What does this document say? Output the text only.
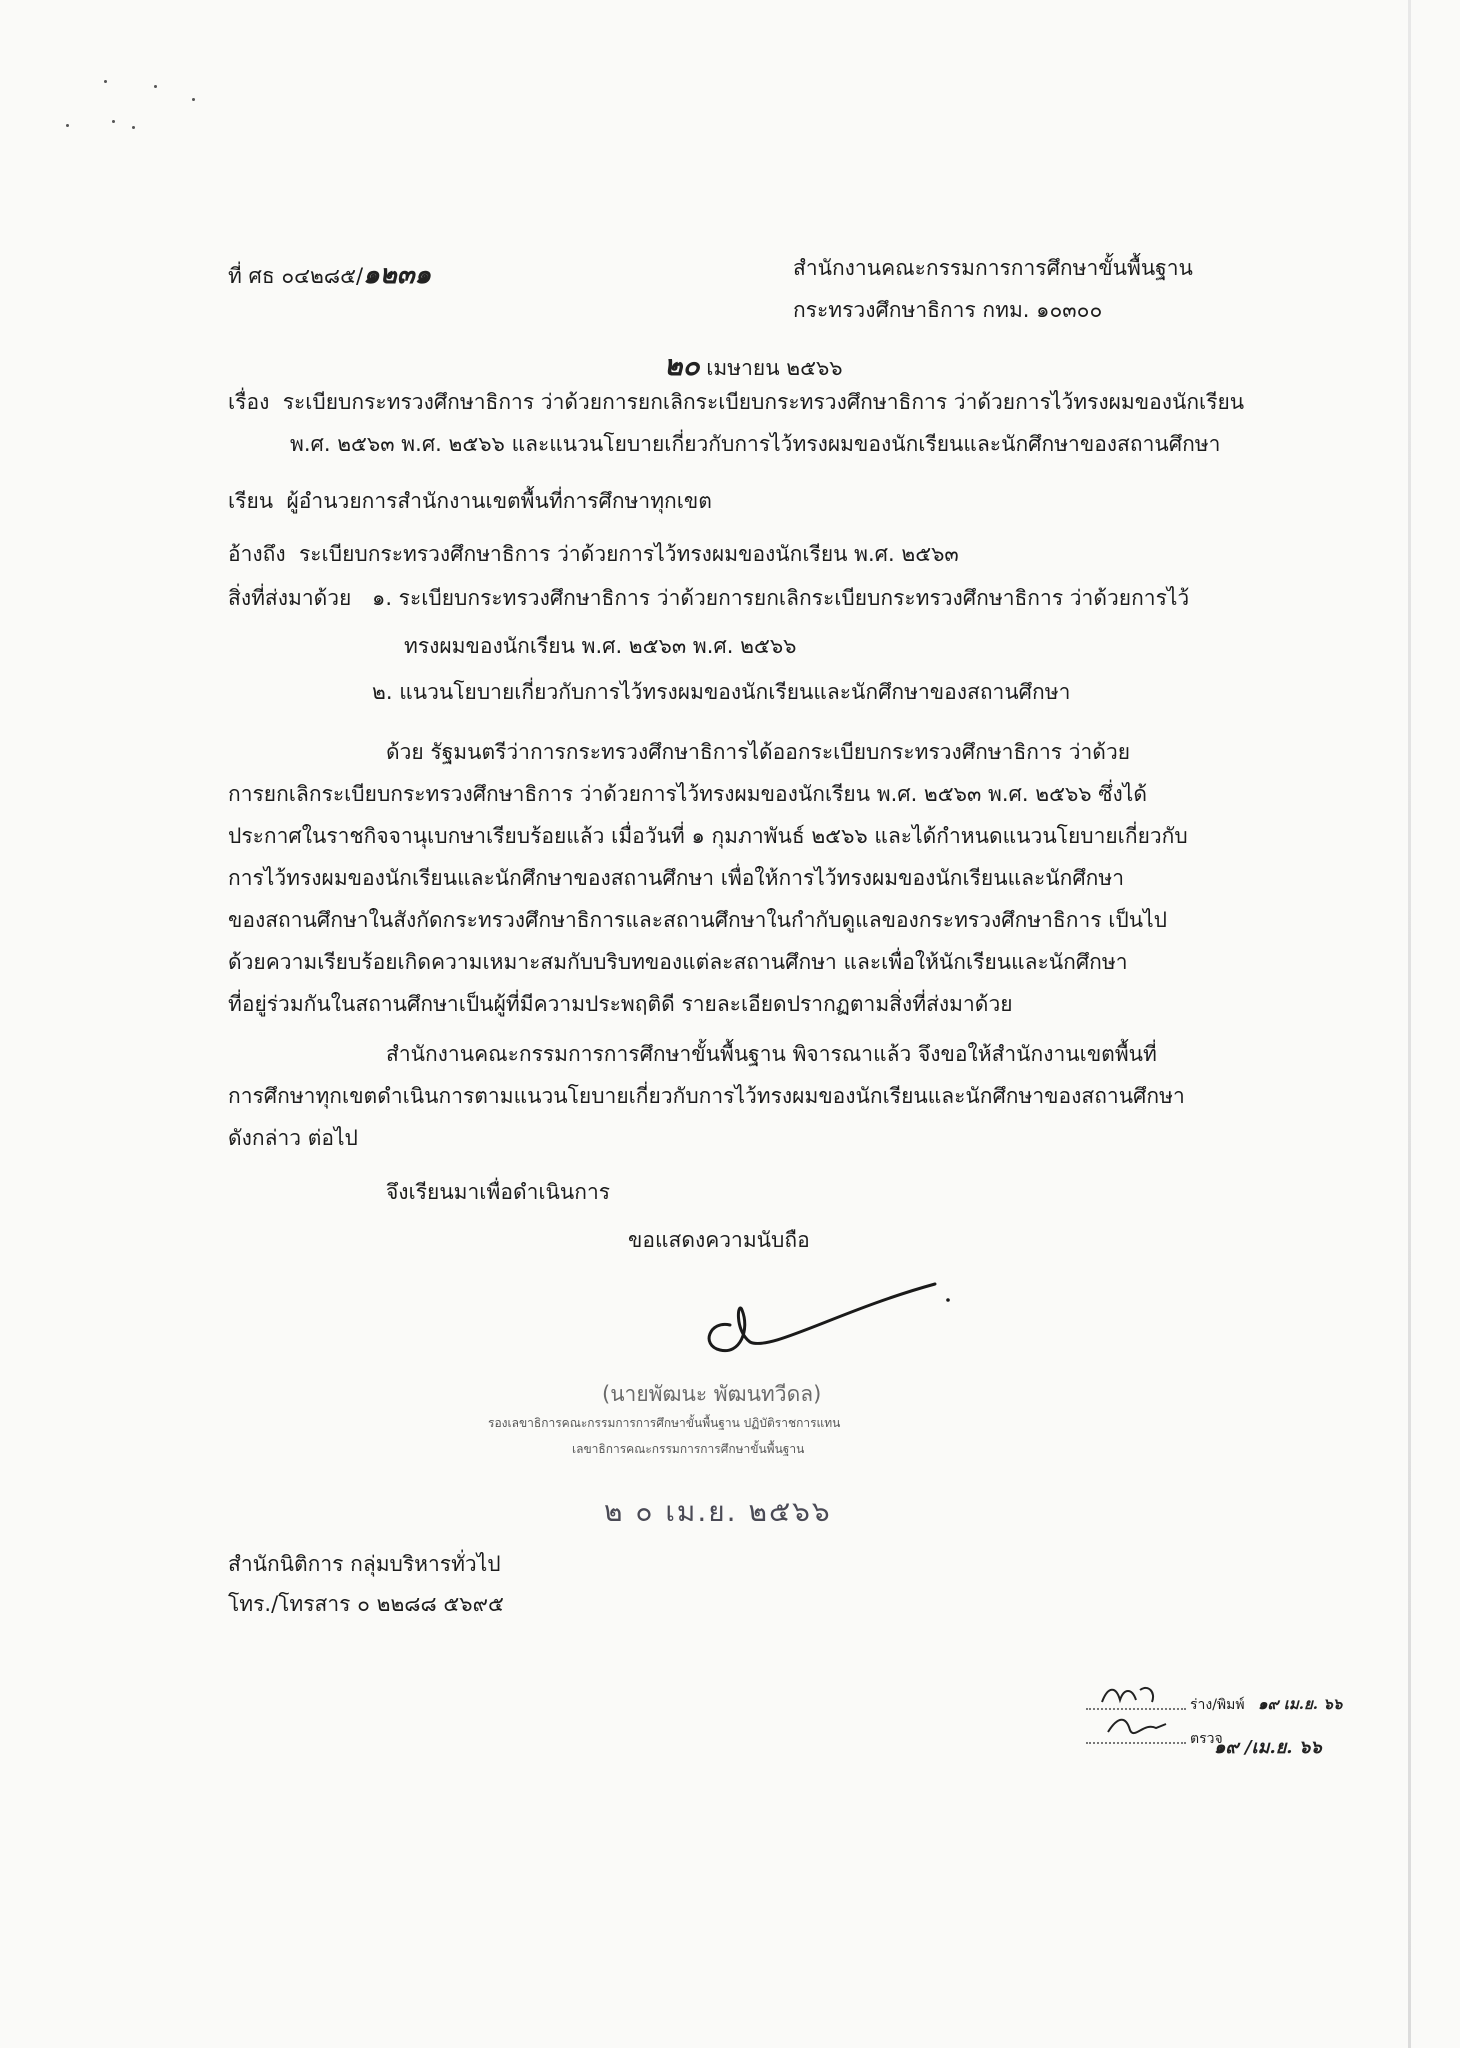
ที่ ศธ ๐๔๒๘๕/๑๒๓๑	สำนักงานคณะกรรมการการศึกษาขั้นพื้นฐาน
กระทรวงศึกษาธิการ กทม. ๑๐๓๐๐
๒๐ เมษายน ๒๕๖๖
เรื่อง ระเบียบกระทรวงศึกษาธิการ ว่าด้วยการยกเลิกระเบียบกระทรวงศึกษาธิการ ว่าด้วยการไว้ทรงผมของนักเรียน
พ.ศ. ๒๕๖๓ พ.ศ. ๒๕๖๖ และแนวนโยบายเกี่ยวกับการไว้ทรงผมของนักเรียนและนักศึกษาของสถานศึกษา
เรียน ผู้อำนวยการสำนักงานเขตพื้นที่การศึกษาทุกเขต
อ้างถึง ระเบียบกระทรวงศึกษาธิการ ว่าด้วยการไว้ทรงผมของนักเรียน พ.ศ. ๒๕๖๓
สิ่งที่ส่งมาด้วย ๑. ระเบียบกระทรวงศึกษาธิการ ว่าด้วยการยกเลิกระเบียบกระทรวงศึกษาธิการ ว่าด้วยการไว้
ทรงผมของนักเรียน พ.ศ. ๒๕๖๓ พ.ศ. ๒๕๖๖
๒. แนวนโยบายเกี่ยวกับการไว้ทรงผมของนักเรียนและนักศึกษาของสถานศึกษา
ด้วย รัฐมนตรีว่าการกระทรวงศึกษาธิการได้ออกระเบียบกระทรวงศึกษาธิการ ว่าด้วย
การยกเลิกระเบียบกระทรวงศึกษาธิการ ว่าด้วยการไว้ทรงผมของนักเรียน พ.ศ. ๒๕๖๓ พ.ศ. ๒๕๖๖ ซึ่งได้
ประกาศในราชกิจจานุเบกษาเรียบร้อยแล้ว เมื่อวันที่ ๑ กุมภาพันธ์ ๒๕๖๖ และได้กำหนดแนวนโยบายเกี่ยวกับ
การไว้ทรงผมของนักเรียนและนักศึกษาของสถานศึกษา เพื่อให้การไว้ทรงผมของนักเรียนและนักศึกษา
ของสถานศึกษาในสังกัดกระทรวงศึกษาธิการและสถานศึกษาในกำกับดูแลของกระทรวงศึกษาธิการ เป็นไป
ด้วยความเรียบร้อยเกิดความเหมาะสมกับบริบทของแต่ละสถานศึกษา และเพื่อให้นักเรียนและนักศึกษา
ที่อยู่ร่วมกันในสถานศึกษาเป็นผู้ที่มีความประพฤติดี รายละเอียดปรากฏตามสิ่งที่ส่งมาด้วย
สำนักงานคณะกรรมการการศึกษาขั้นพื้นฐาน พิจารณาแล้ว จึงขอให้สำนักงานเขตพื้นที่
การศึกษาทุกเขตดำเนินการตามแนวนโยบายเกี่ยวกับการไว้ทรงผมของนักเรียนและนักศึกษาของสถานศึกษา
ดังกล่าว ต่อไป
จึงเรียนมาเพื่อดำเนินการ
ขอแสดงความนับถือ
(นายพัฒนะ พัฒนทวีดล)
รองเลขาธิการคณะกรรมการการศึกษาขั้นพื้นฐาน ปฏิบัติราชการแทน
เลขาธิการคณะกรรมการการศึกษาขั้นพื้นฐาน
๒ ๐ เม.ย. ๒๕๖๖
สำนักนิติการ กลุ่มบริหารทั่วไป
โทร./โทรสาร ๐ ๒๒๘๘ ๕๖๙๕
ร่าง/พิมพ์ ๑๙ เม.ย. ๖๖
ตรวจ
๑๙ /เม.ย. ๖๖
